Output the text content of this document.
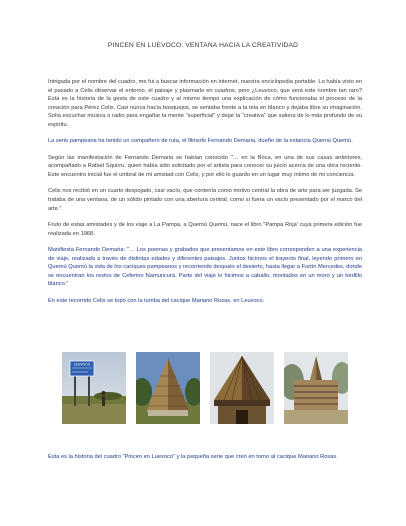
PINCEN EN LUEVOCO: VENTANA HACIA LA CREATIVIDAD

Intrigada por el nombre del cuadro, me fui a buscar información en internet, nuestra enciclopedia portable. Lo había visto en el pasado a Celis observar el entorno, el paisaje y plasmarlo en cuadros, pero ¿Leuvoco, que será este nombre tan raro? Esta es la historia de la gesta de este cuadro y al mismo tiempo una explicación de cómo funcionaba el proceso de la creación para Pérez Celis. Casi nunca hacía bosquejos, se sentaba frente a la tela en blanco y dejaba libre su imaginación. Solía escuchar música o radio para engañar la mente "superficial" y dejar la "creativa" que saliera de lo más profundo de su espíritu.

La serie pampeana ha tenido un compañero de ruta, el filósofo Fernando Demaria, dueño de la estancia Quemú Quemú.

Según las manifestación de Fernando Demaria se habían conocido "… en la Boca, en una de sus casas anteriores, acompañado a Rafael Squirru, quien había sido solicitado por el artista para conocer su juicio acerca de una obra reciente. Este encuentro inicial fue el umbral de mi amistad con Celis, y por ello lo guardo en un lugar muy íntimo de mi conciencia.

Celis nos recibió en un cuarto despojado, casi vacío, que contenía como motivo central la obra de arte para ser juzgada. Se trataba de una ventana, de un sólido pintado con una abertura central, como si fuera un vacío presentado por el marco del arte."

Fruto de estas amistades y de los viaje a La Pampa, a Quemú Quemú, nace el libro "Pampa Roja' cuya primera edición fue realizada en 1968.

Manifiesta Fernando Demaria: "… Los poemas y grabados que presentamos en este libro corresponden a una experiencia de viaje, realizada a través de distintas edades y diferentes paisajes. Juntos hicimos el trayecto final, leyendo primero en Quemú Quemú la vida de los caciques pampeanos y recorriendo después el desierto, hasta llegar a Fortín Mercedes, donde se encuentran los restos de Ceferino Namuncurá. Parte del viaje lo hicimos a caballo, montados en un moro y un tordillo blanco."

En este recorrido Celis se topó con la tumba del cacique Mariano Rosas, en Leuvoco.

LEUVOCO
Esta es la historia del cuadro "Pincen en Luevoco" y la pequeña serie que creó en torno al cacique Mariano Rosas.
